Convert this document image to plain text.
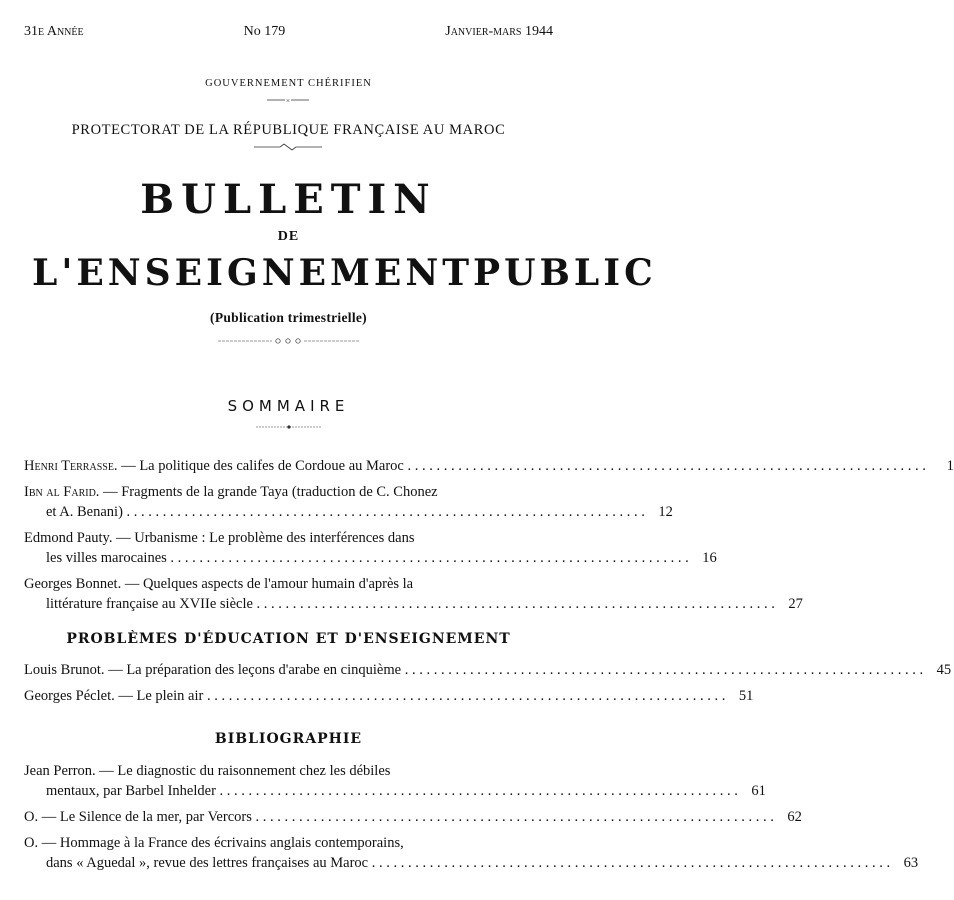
31e Année	No 179	Janvier-mars 1944
GOUVERNEMENT CHÉRIFIEN
×
PROTECTORAT DE LA RÉPUBLIQUE FRANÇAISE AU MAROC
BULLETIN
DE
L'ENSEIGNEMENT PUBLIC
(Publication trimestrielle)
SOMMAIRE
Henri Terrasse. — La politique des califes de Cordoue au Maroc . . .	1
Ibn al Farid. — Fragments de la grande Taya (traduction de C. Chonez
et A. Benani) . . .	12
Edmond Pauty. — Urbanisme : Le problème des interférences dans
les villes marocaines . . .	16
Georges Bonnet. — Quelques aspects de l'amour humain d'après la
littérature française au XVIIe siècle . . .	27
PROBLÈMES D'ÉDUCATION ET D'ENSEIGNEMENT
Louis Brunot. — La préparation des leçons d'arabe en cinquième . . .	45
Georges Péclet. — Le plein air . . .	51
BIBLIOGRAPHIE
Jean Perron. — Le diagnostic du raisonnement chez les débiles
mentaux, par Barbel Inhelder . . .	61
O. — Le Silence de la mer, par Vercors . . .	62
O. — Hommage à la France des écrivains anglais contemporains,
dans « Aguedal », revue des lettres françaises au Maroc . . .	63
